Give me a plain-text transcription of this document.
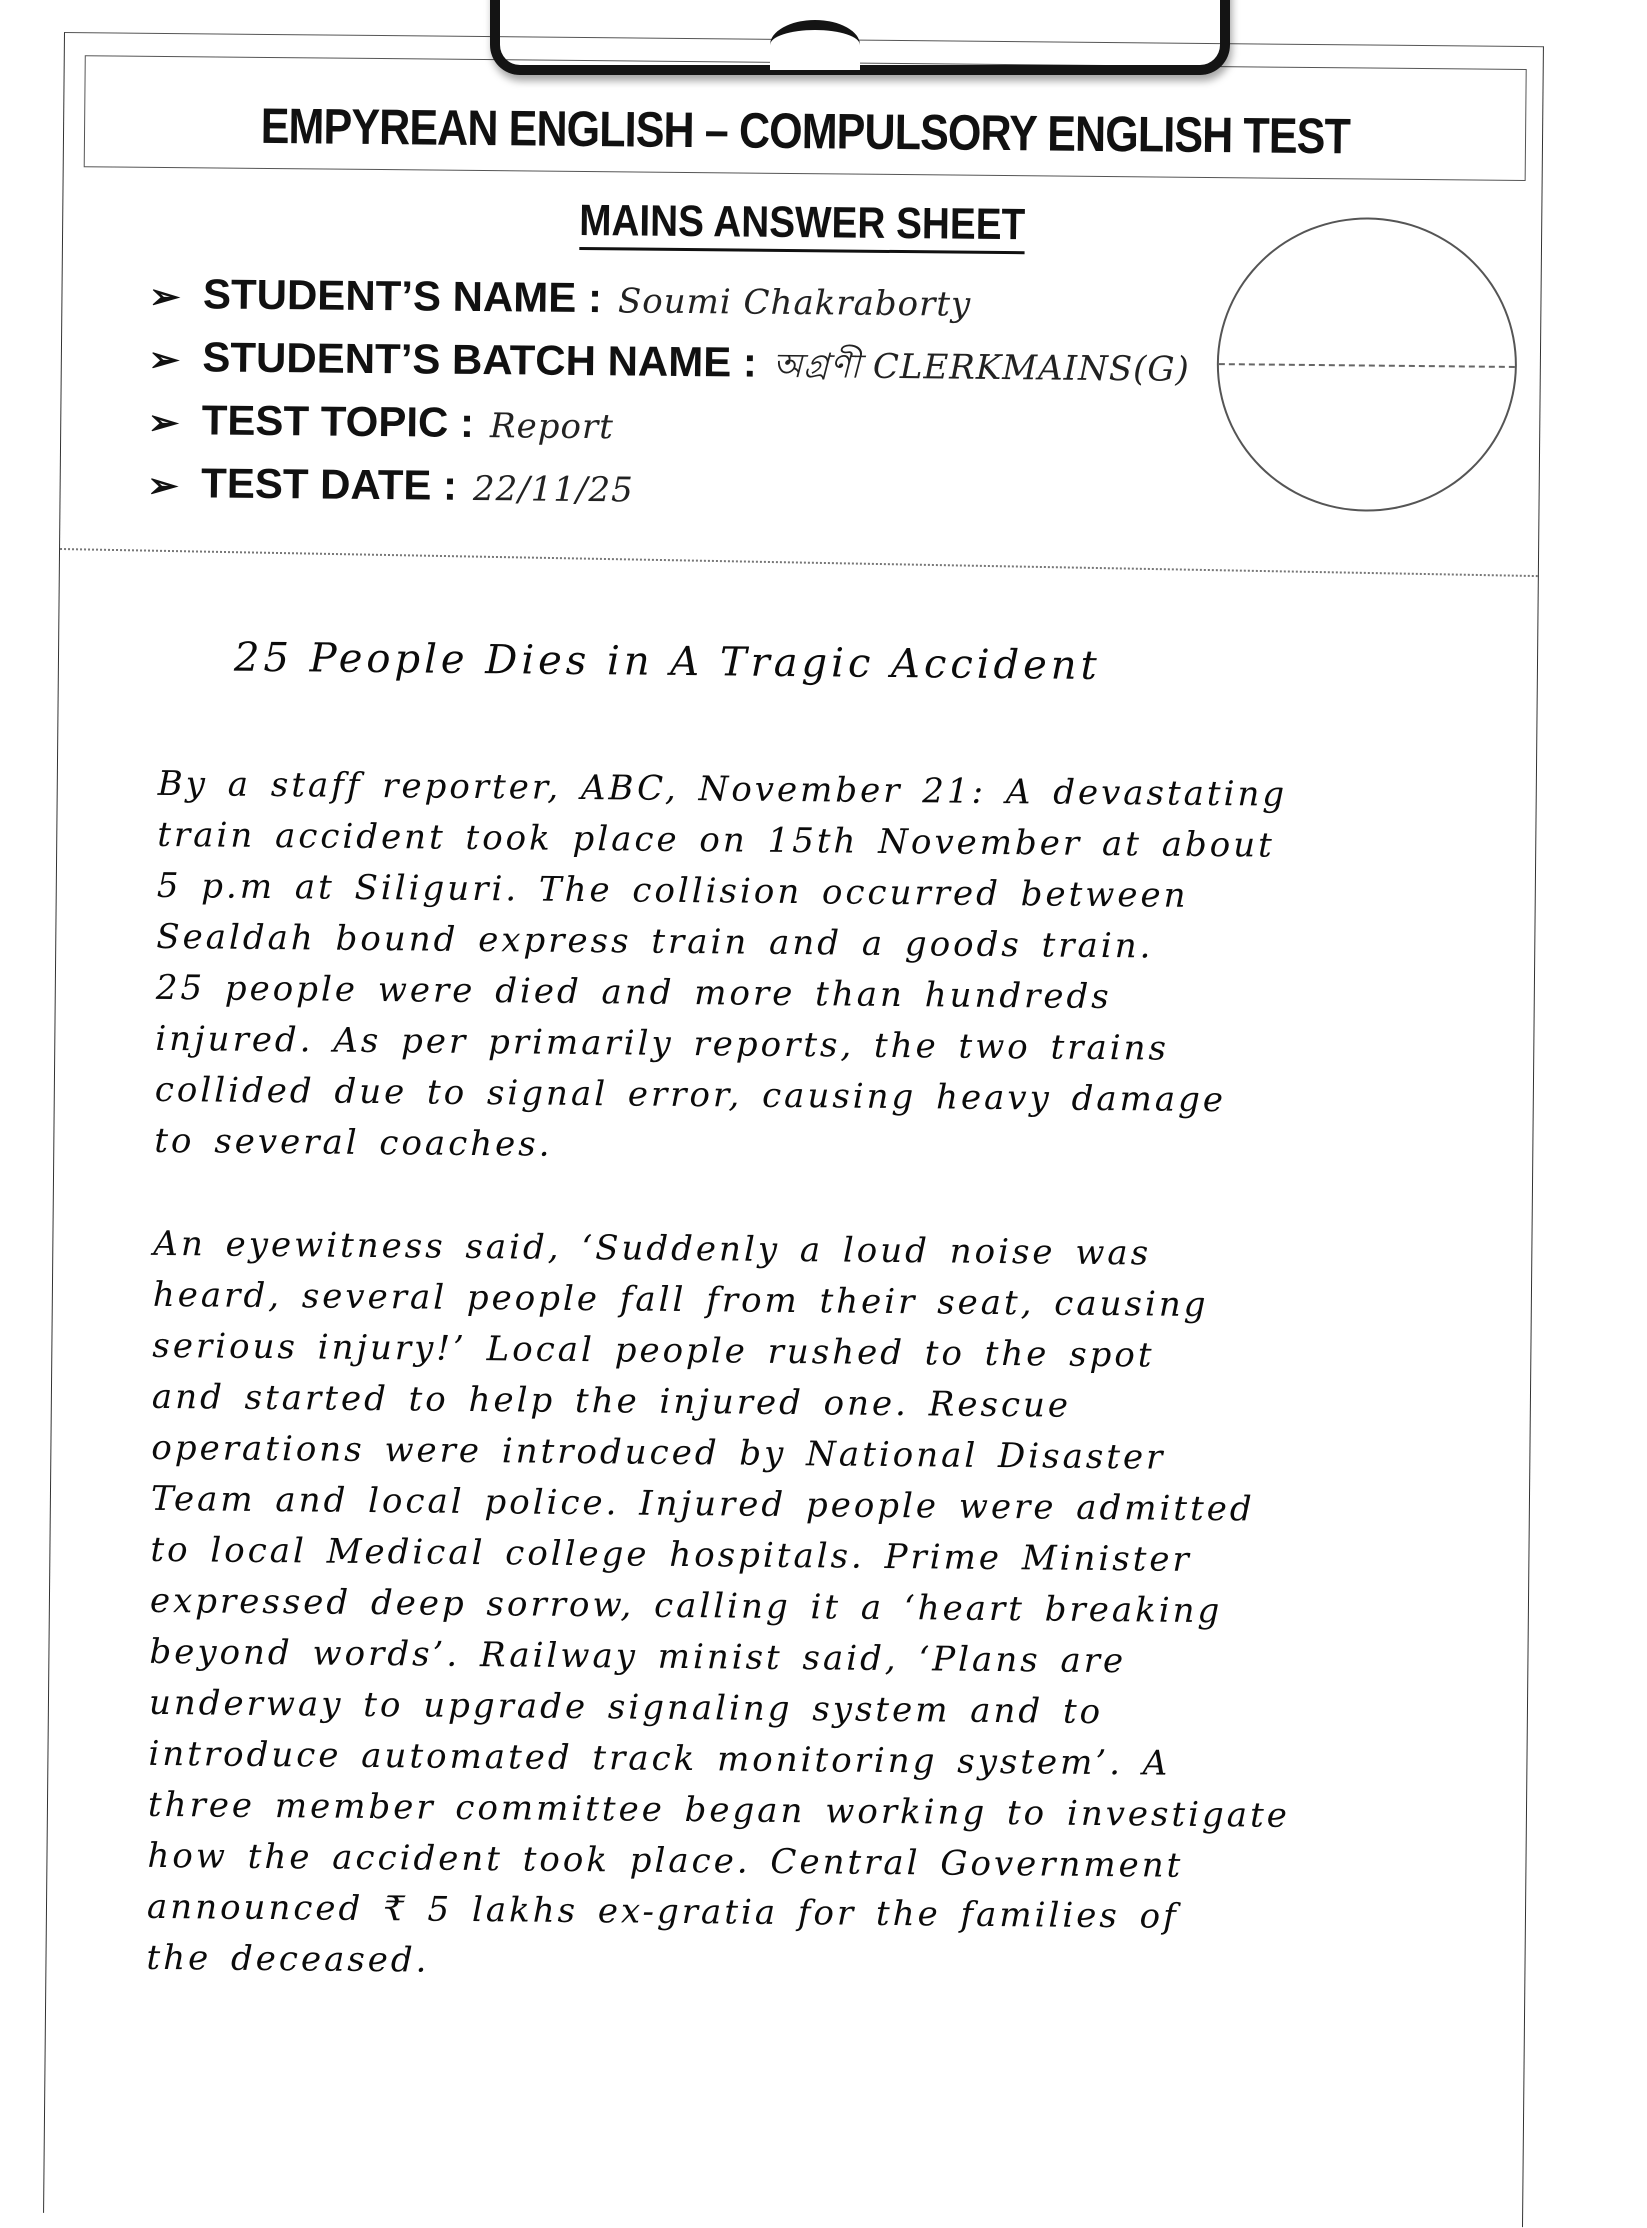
EMPYREAN ENGLISH – COMPULSORY ENGLISH TEST
MAINS ANSWER SHEET
➢ STUDENT’S NAME : Soumi Chakraborty
➢ STUDENT’S BATCH NAME : অগ্রণী CLERKMAINS(G)
➢ TEST TOPIC : Report
➢ TEST DATE : 22/11/25
25 People Dies in A Tragic Accident
By a staff reporter, ABC, November 21: A devastating
train accident took place on 15th November at about
5 p.m at Siliguri. The collision occurred between
Sealdah bound express train and a goods train.
25 people were died and more than hundreds
injured. As per primarily reports, the two trains
collided due to signal error, causing heavy damage
to several coaches.
An eyewitness said, ‘Suddenly a loud noise was
heard, several people fall from their seat, causing
serious injury!’ Local people rushed to the spot
and started to help the injured one. Rescue
operations were introduced by National Disaster
Team and local police. Injured people were admitted
to local Medical college hospitals. Prime Minister
expressed deep sorrow, calling it a ‘heart breaking
beyond words’. Railway minist said, ‘Plans are
underway to upgrade signaling system and to
introduce automated track monitoring system’. A
three member committee began working to investigate
how the accident took place. Central Government
announced ₹ 5 lakhs ex-gratia for the families of
the deceased.
